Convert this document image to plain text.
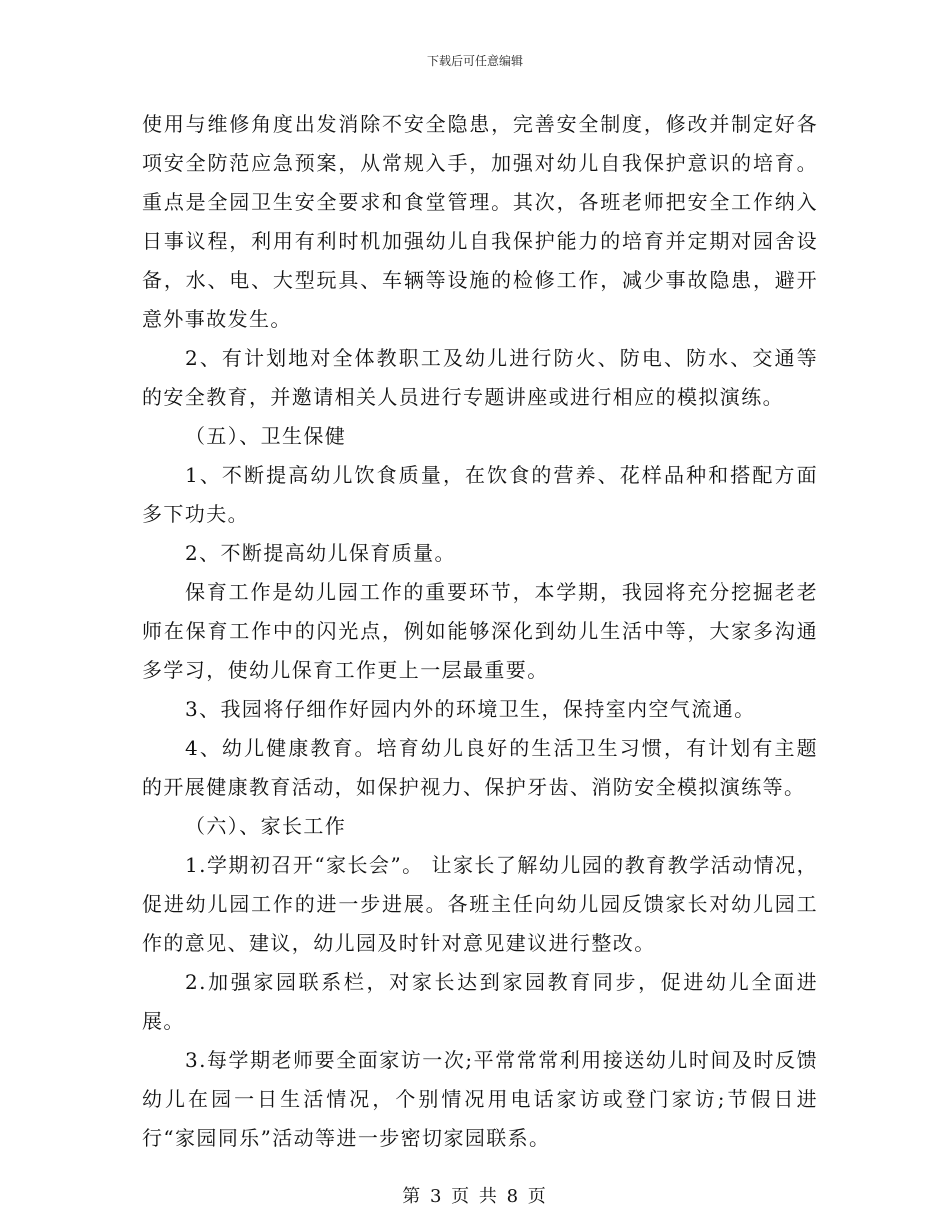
下载后可任意编辑

使用与维修角度出发消除不安全隐患，完善安全制度，修改并制定好各项安全防范应急预案，从常规入手，加强对幼儿自我保护意识的培育。重点是全园卫生安全要求和食堂管理。其次，各班老师把安全工作纳入日事议程，利用有利时机加强幼儿自我保护能力的培育并定期对园舍设备，水、电、大型玩具、车辆等设施的检修工作，减少事故隐患，避开意外事故发生。

2、有计划地对全体教职工及幼儿进行防火、防电、防水、交通等的安全教育，并邀请相关人员进行专题讲座或进行相应的模拟演练。

（五）、卫生保健

1、不断提高幼儿饮食质量，在饮食的营养、花样品种和搭配方面多下功夫。

2、不断提高幼儿保育质量。

保育工作是幼儿园工作的重要环节，本学期，我园将充分挖掘老老师在保育工作中的闪光点，例如能够深化到幼儿生活中等，大家多沟通多学习，使幼儿保育工作更上一层最重要。

3、我园将仔细作好园内外的环境卫生，保持室内空气流通。

4、幼儿健康教育。培育幼儿良好的生活卫生习惯，有计划有主题的开展健康教育活动，如保护视力、保护牙齿、消防安全模拟演练等。

（六）、家长工作

1.学期初召开“家长会”。 让家长了解幼儿园的教育教学活动情况，促进幼儿园工作的进一步进展。各班主任向幼儿园反馈家长对幼儿园工作的意见、建议，幼儿园及时针对意见建议进行整改。

2.加强家园联系栏，对家长达到家园教育同步，促进幼儿全面进展。

3.每学期老师要全面家访一次;平常常常利用接送幼儿时间及时反馈幼儿在园一日生活情况，个别情况用电话家访或登门家访;节假日进行“家园同乐”活动等进一步密切家园联系。

第 3 页 共 8 页
